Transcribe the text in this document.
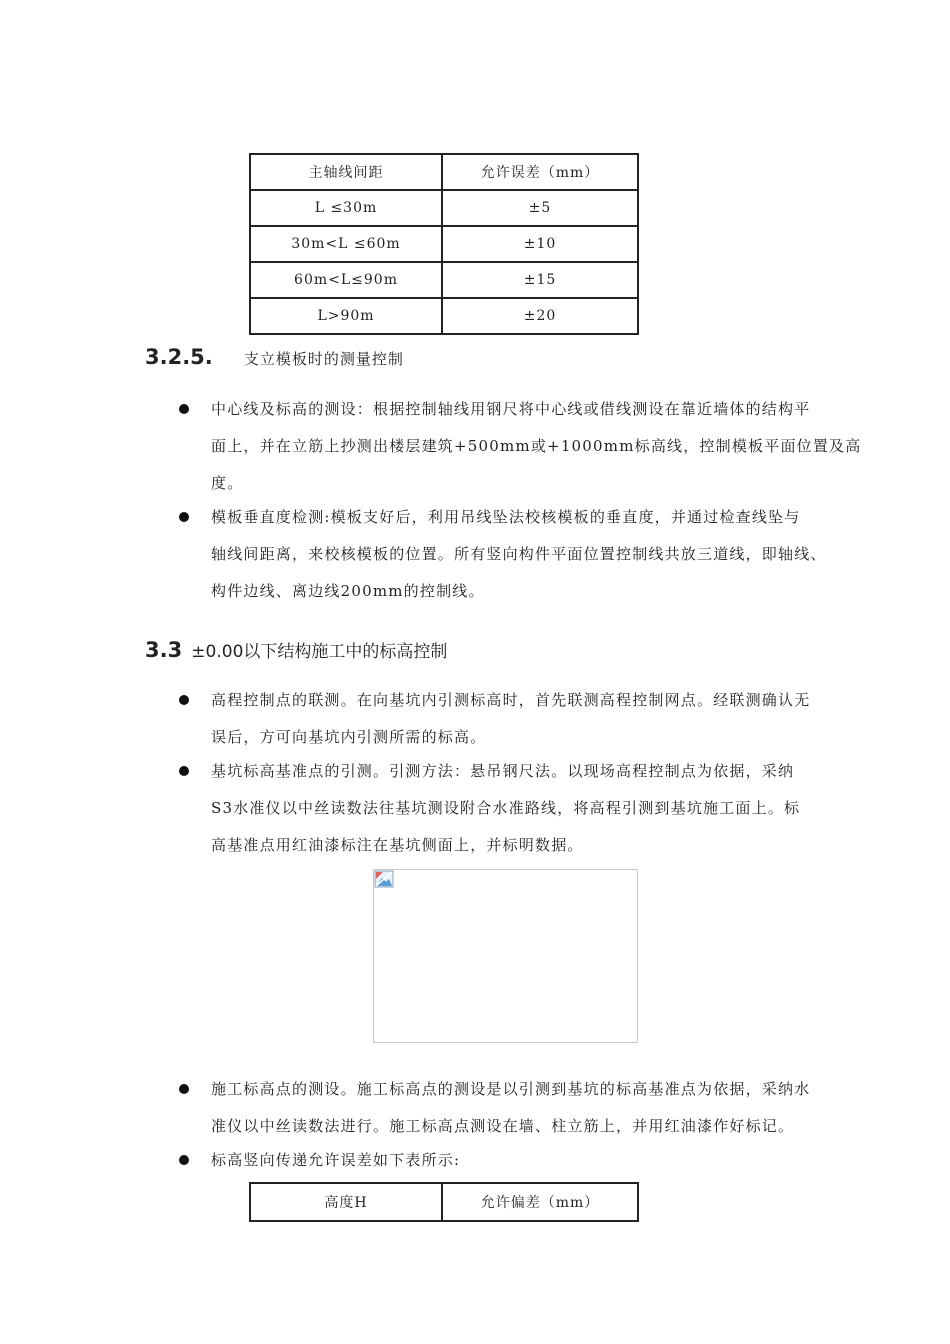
主轴线间距	允许误差（mm）
L ≤30m	±5
30m<L ≤60m	±10
60m<L≤90m	±15
L>90m	±20
3.2.5. 支立模板时的测量控制
中心线及标高的测设：根据控制轴线用钢尺将中心线或借线测设在靠近墙体的结构平
面上，并在立筋上抄测出楼层建筑+500mm或+1000mm标高线，控制模板平面位置及高
度。
模板垂直度检测:模板支好后，利用吊线坠法校核模板的垂直度，并通过检查线坠与
轴线间距离，来校核模板的位置。所有竖向构件平面位置控制线共放三道线，即轴线、
构件边线、离边线200mm的控制线。
3.3 ±0.00以下结构施工中的标高控制
高程控制点的联测。在向基坑内引测标高时，首先联测高程控制网点。经联测确认无
误后，方可向基坑内引测所需的标高。
基坑标高基准点的引测。引测方法：悬吊钢尺法。以现场高程控制点为依据，采纳
S3水准仪以中丝读数法往基坑测设附合水准路线，将高程引测到基坑施工面上。标
高基准点用红油漆标注在基坑侧面上，并标明数据。
施工标高点的测设。施工标高点的测设是以引测到基坑的标高基准点为依据，采纳水
准仪以中丝读数法进行。施工标高点测设在墙、柱立筋上，并用红油漆作好标记。
标高竖向传递允许误差如下表所示:
高度H	允许偏差（mm）
